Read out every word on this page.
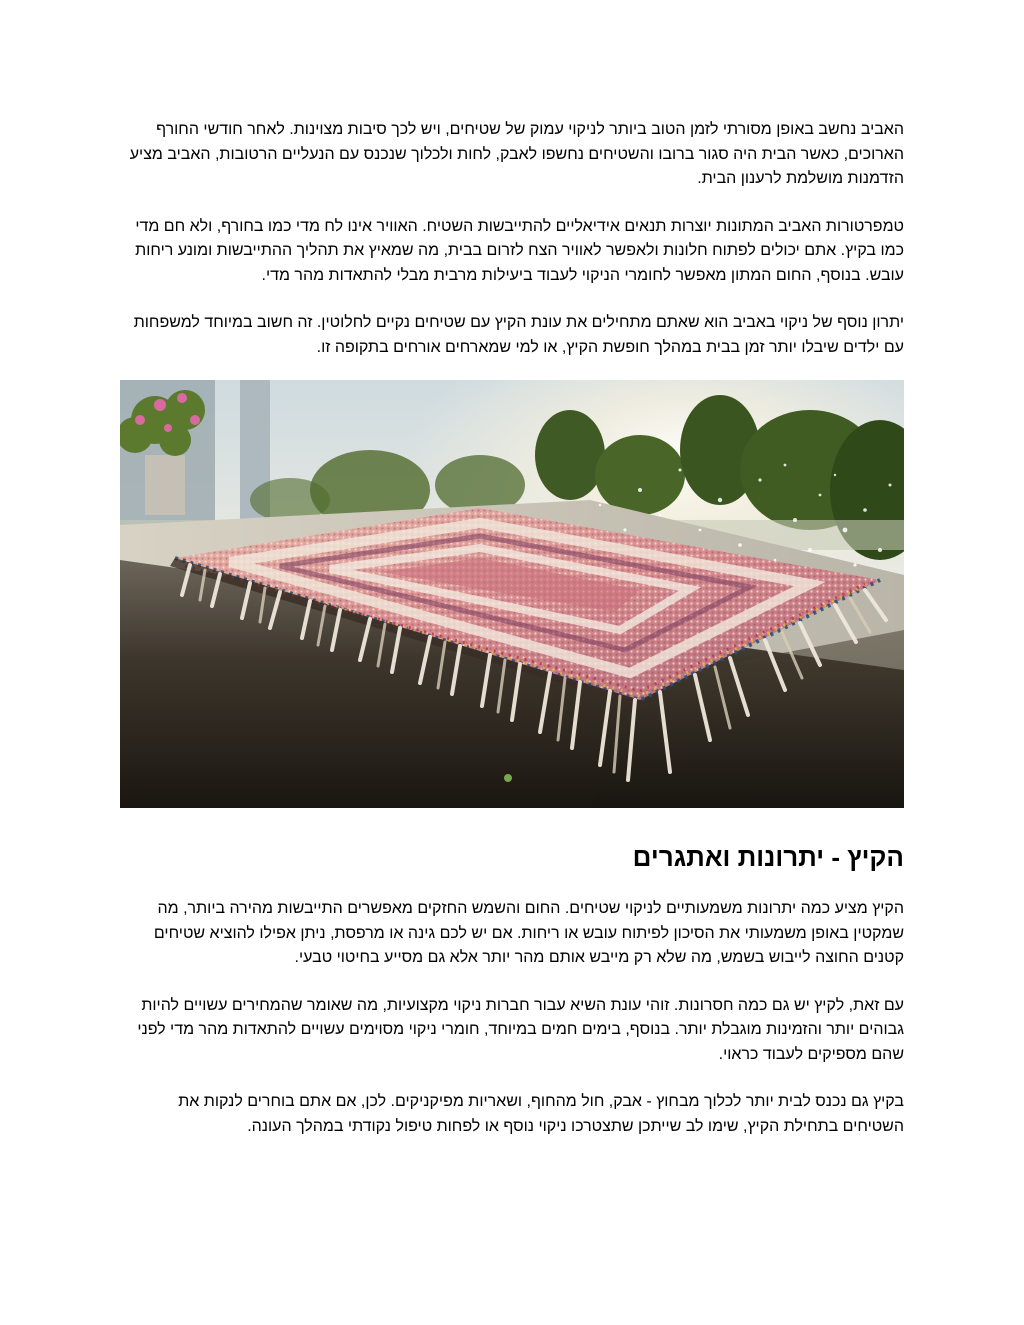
האביב נחשב באופן מסורתי לזמן הטוב ביותר לניקוי עמוק של שטיחים, ויש לכך סיבות מצוינות. לאחר חודשי החורף הארוכים, כאשר הבית היה סגור ברובו והשטיחים נחשפו לאבק, לחות ולכלוך שנכנס עם הנעליים הרטובות, האביב מציע הזדמנות מושלמת לרענון הבית.

טמפרטורות האביב המתונות יוצרות תנאים אידיאליים להתייבשות השטיח. האוויר אינו לח מדי כמו בחורף, ולא חם מדי כמו בקיץ. אתם יכולים לפתוח חלונות ולאפשר לאוויר הצח לזרום בבית, מה שמאיץ את תהליך ההתייבשות ומונע ריחות עובש. בנוסף, החום המתון מאפשר לחומרי הניקוי לעבוד ביעילות מרבית מבלי להתאדות מהר מדי.

יתרון נוסף של ניקוי באביב הוא שאתם מתחילים את עונת הקיץ עם שטיחים נקיים לחלוטין. זה חשוב במיוחד למשפחות עם ילדים שיבלו יותר זמן בבית במהלך חופשת הקיץ, או למי שמארחים אורחים בתקופה זו.

הקיץ - יתרונות ואתגרים

הקיץ מציע כמה יתרונות משמעותיים לניקוי שטיחים. החום והשמש החזקים מאפשרים התייבשות מהירה ביותר, מה שמקטין באופן משמעותי את הסיכון לפיתוח עובש או ריחות. אם יש לכם גינה או מרפסת, ניתן אפילו להוציא שטיחים קטנים החוצה לייבוש בשמש, מה שלא רק מייבש אותם מהר יותר אלא גם מסייע בחיטוי טבעי.

עם זאת, לקיץ יש גם כמה חסרונות. זוהי עונת השיא עבור חברות ניקוי מקצועיות, מה שאומר שהמחירים עשויים להיות גבוהים יותר והזמינות מוגבלת יותר. בנוסף, בימים חמים במיוחד, חומרי ניקוי מסוימים עשויים להתאדות מהר מדי לפני שהם מספיקים לעבוד כראוי.

בקיץ גם נכנס לבית יותר לכלוך מבחוץ - אבק, חול מהחוף, ושאריות מפיקניקים. לכן, אם אתם בוחרים לנקות את השטיחים בתחילת הקיץ, שימו לב שייתכן שתצטרכו ניקוי נוסף או לפחות טיפול נקודתי במהלך העונה.
